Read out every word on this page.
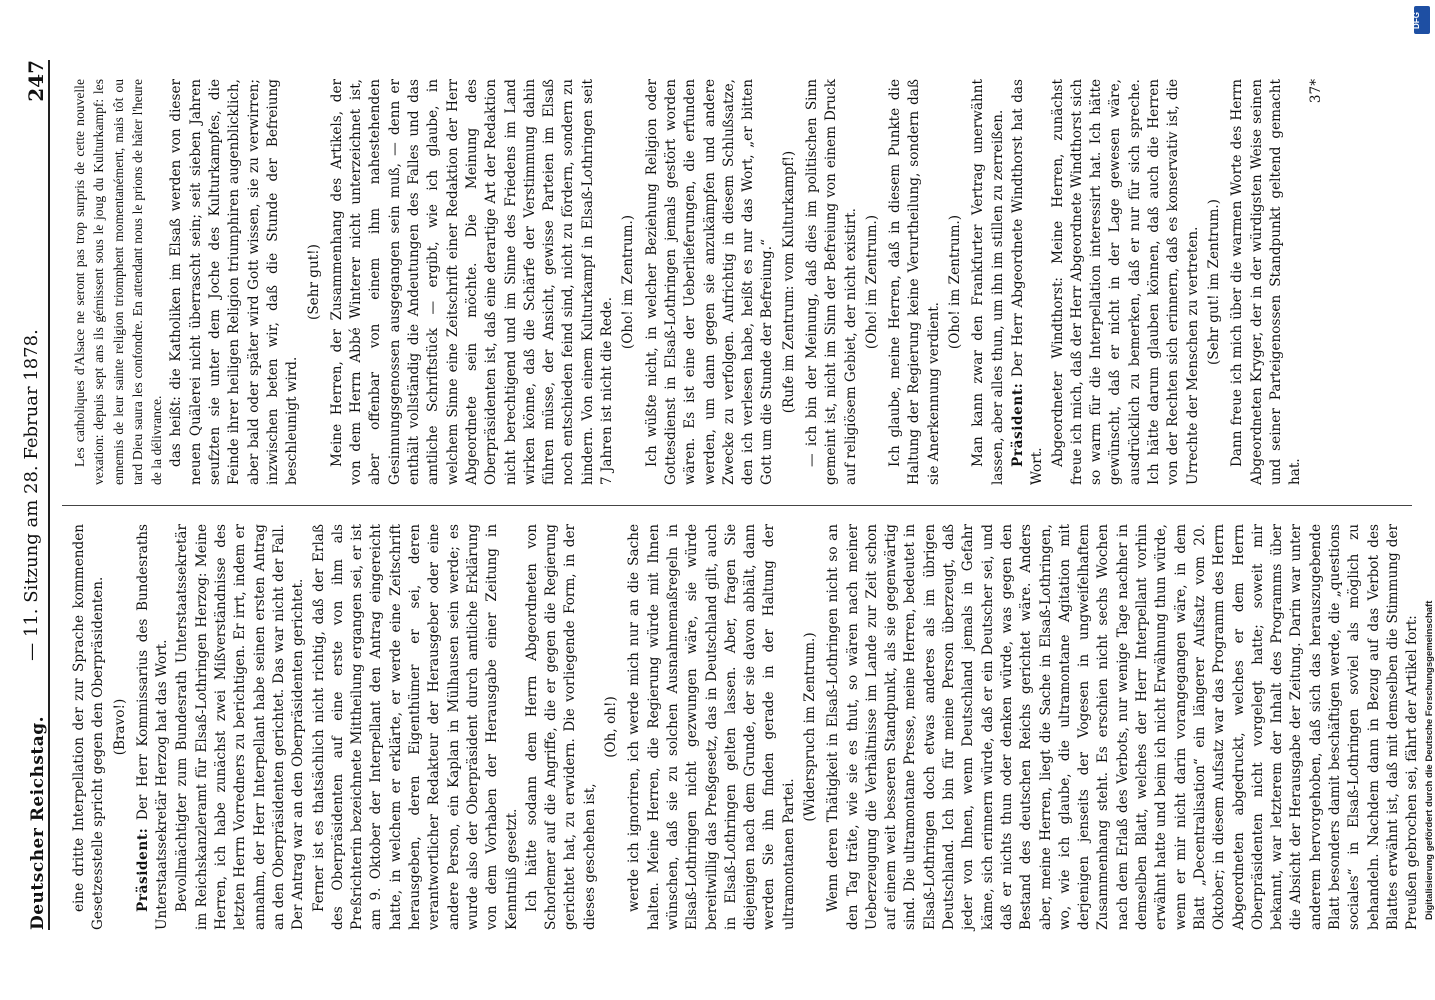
Deutscher Reichstag.
— 11. Sitzung am 28. Februar 1878.
247

eine dritte Interpellation der zur Sprache kommenden Gesetzesstelle spricht gegen den Oberpräsidenten. (Bravo!)

Präsident: Der Herr Kommissarius des Bundesraths Unterstaatssekretär Herzog hat das Wort. Bevollmächtigter zum Bundesrath Unterstaatssekretär im Reichskanzleramt für Elsaß-Lothringen Herzog: Meine Herren, ich habe zunächst zwei Mißverständnisse des letzten Herrn Vorredners zu berichtigen. Er irrt, indem er annahm, der Herr Interpellant habe seinen ersten Antrag an den Oberpräsidenten gerichtet. Das war nicht der Fall. Der Antrag war an den Oberpräsidenten gerichtet. Ferner ist es thatsächlich nicht richtig, daß der Erlaß des Oberpräsidenten auf eine erste von ihm als Preßrichterin bezeichnete Mittheilung ergangen sei, er ist am 9. Oktober der Interpellant den Antrag eingereicht hatte, in welchem er erklärte, er werde eine Zeitschrift herausgeben, deren Eigenthümer er sei, deren verantwortlicher Redakteur der Herausgeber oder eine andere Person, ein Kaplan in Mülhausen sein werde; es wurde also der Oberpräsident durch amtliche Erklärung von dem Vorhaben der Herausgabe einer Zeitung in Kenntniß gesetzt. Ich hätte sodann dem Herrn Abgeordneten von Schorlemer auf die Angriffe, die er gegen die Regierung gerichtet hat, zu erwidern. Die vorliegende Form, in der dieses geschehen ist,

(Oh, oh!) werde ich ignoriren, ich werde mich nur an die Sache halten. Meine Herren, die Regierung würde mit Ihnen wünschen, daß sie zu solchen Ausnahmemaßregeln in Elsaß-Lothringen nicht gezwungen wäre, sie würde bereitwillig das Preßgesetz, das in Deutschland gilt, auch in Elsaß-Lothringen gelten lassen. Aber, fragen Sie diejenigen nach dem Grunde, der sie davon abhält, dann werden Sie ihn finden gerade in der Haltung der ultramontanen Partei.

(Widerspruch im Zentrum.) Wenn deren Thätigkeit in Elsaß-Lothringen nicht so an den Tag träte, wie sie es thut, so wären nach meiner Ueberzeugung die Verhältnisse im Lande zur Zeit schon auf einem weit besseren Standpunkt, als sie gegenwärtig sind. Die ultramontane Presse, meine Herren, bedeutet in Elsaß-Lothringen doch etwas anderes als im übrigen Deutschland. Ich bin für meine Person überzeugt, daß jeder von Ihnen, wenn Deutschland jemals in Gefahr käme, sich erinnern würde, daß er ein Deutscher sei, und daß er nichts thun oder denken würde, was gegen den Bestand des deutschen Reichs gerichtet wäre. Anders aber, meine Herren, liegt die Sache in Elsaß-Lothringen, wo, wie ich glaube, die ultramontane Agitation mit derjenigen jenseits der Vogesen in ungweifelhaftem Zusammenhang steht. Es erschien nicht sechs Wochen nach dem Erlaß des Verbots, nur wenige Tage nachher in demselben Blatt, welches der Herr Interpellant vorhin erwähnt hatte und beim ich nicht Erwähnung thun würde, wenn er mir nicht darin vorangegangen wäre, in dem Blatt „Decentralisation“ ein längerer Aufsatz vom 20. Oktober; in diesem Aufsatz war das Programm des Herrn Abgeordneten abgedruckt, welches er dem Herrn Oberpräsidenten nicht vorgelegt hatte; soweit mir bekannt, war letzterem der Inhalt des Programms über die Absicht der Herausgabe der Zeitung. Darin war unter anderem hervorgehoben, daß sich das herauszugebende Blatt besonders damit beschäftigen werde, die „questions sociales“ in Elsaß-Lothringen soviel als möglich zu behandeln. Nachdem dann in Bezug auf das Verbot des Blattes erwähnt ist, daß mit demselben die Stimmung der Preußen gebrochen sei, fährt der Artikel fort:

Les catholiques d'Alsace ne seront pas trop surpris de cette nouvelle vexation: depuis sept ans ils gémissent sous le joug du Kulturkampf: les ennemis de leur sainte religion triomphent momentanément, mais tôt ou tard Dieu saura les confondre. En attendant nous le prions de hâter l'heure de la délivrance. das heißt: die Katholiken im Elsaß werden von dieser neuen Quälerei nicht überrascht sein; seit sieben Jahren seufzten sie unter dem Joche des Kulturkampfes, die Feinde ihrer heiligen Religion triumphiren augenblicklich, aber bald oder später wird Gott wissen, sie zu verwirren; inzwischen beten wir, daß die Stunde der Befreiung beschleunigt wird.

(Sehr gut!) Meine Herren, der Zusammenhang des Artikels, der von dem Herrn Abbé Winterer nicht unterzeichnet ist, aber offenbar von einem ihm nahestehenden Gesinnungsgenossen ausgegangen sein muß, — denn er enthält vollständig die Andeutungen des Falles und das amtliche Schriftstück — ergibt, wie ich glaube, in welchem Sinne eine Zeitschrift einer Redaktion der Herr Abgeordnete sein möchte. Die Meinung des Oberpräsidenten ist, daß eine derartige Art der Redaktion nicht berechtigend und im Sinne des Friedens im Land wirken könne, daß die Schärfe der Verstimmung dahin führen müsse, der Ansicht, gewisse Parteien im Elsaß noch entschieden feind sind, nicht zu fördern, sondern zu hindern. Von einem Kulturkampf in Elsaß-Lothringen seit 7 Jahren ist nicht die Rede.

(Oho! im Zentrum.) Ich wüßte nicht, in welcher Beziehung Religion oder Gottesdienst in Elsaß-Lothringen jemals gestört worden wären. Es ist eine der Ueberlieferungen, die erfunden werden, um dann gegen sie anzukämpfen und andere Zwecke zu verfolgen. Aufrichtig in diesem Schlußsatze, den ich verlesen habe, heißt es nur das Wort, „er bitten Gott um die Stunde der Befreiung.“ (Rufe im Zentrum: vom Kulturkampf!) — ich bin der Meinung, daß dies im politischen Sinn gemeint ist, nicht im Sinn der Befreiung von einem Druck auf religiösem Gebiet, der nicht existirt. (Oho! im Zentrum.) Ich glaube, meine Herren, daß in diesem Punkte die Haltung der Regierung keine Verurtheilung, sondern daß sie Anerkennung verdient.

(Oho! im Zentrum.) Man kann zwar den Frankfurter Vertrag unerwähnt lassen, aber alles thun, um ihn im stillen zu zerreißen. Präsident: Der Herr Abgeordnete Windthorst hat das Wort. Abgeordneter Windthorst: Meine Herren, zunächst freue ich mich, daß der Herr Abgeordnete Windthorst sich so warm für die Interpellation interessirt hat. Ich hätte gewünscht, daß er nicht in der Lage gewesen wäre, ausdrücklich zu bemerken, daß er nur für sich spreche. Ich hätte darum glauben können, daß auch die Herren von der Rechten sich erinnern, daß es konservativ ist, die Urrechte der Menschen zu vertreten. (Sehr gut! im Zentrum.) Dann freue ich mich über die warmen Worte des Herrn Abgeordneten Kryger, der in der würdigsten Weise seinen und seiner Parteigenossen Standpunkt geltend gemacht hat.

37*

DFG
Digitalisierung gefördert durch die Deutsche Forschungsgemeinschaft
